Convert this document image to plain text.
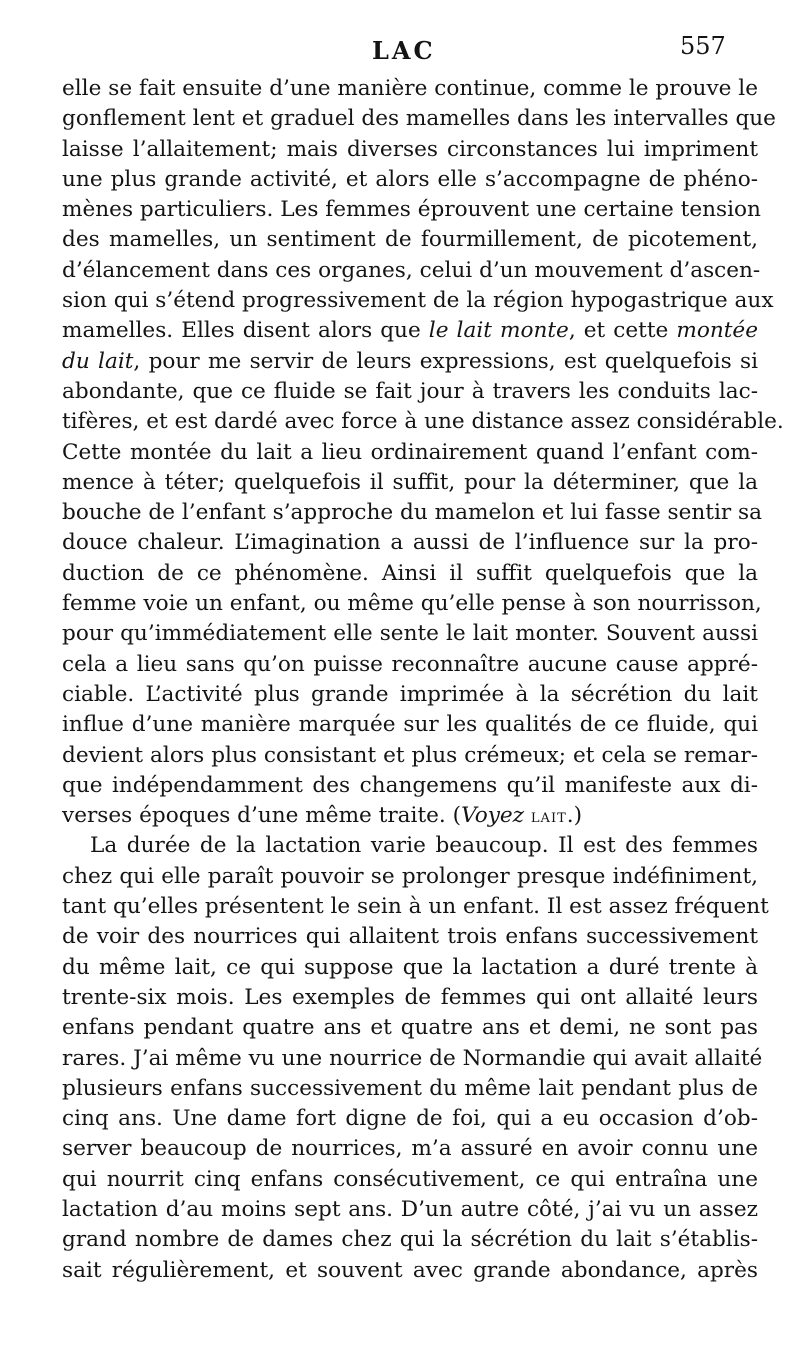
LAC	557
elle se fait ensuite d’une manière continue, comme le prouve le
gonflement lent et graduel des mamelles dans les intervalles que
laisse l’allaitement; mais diverses circonstances lui impriment
une plus grande activité, et alors elle s’accompagne de phéno-
mènes particuliers. Les femmes éprouvent une certaine tension
des mamelles, un sentiment de fourmillement, de picotement,
d’élancement dans ces organes, celui d’un mouvement d’ascen-
sion qui s’étend progressivement de la région hypogastrique aux
mamelles. Elles disent alors que le lait monte, et cette montée
du lait, pour me servir de leurs expressions, est quelquefois si
abondante, que ce fluide se fait jour à travers les conduits lac-
tifères, et est dardé avec force à une distance assez considérable.
Cette montée du lait a lieu ordinairement quand l’enfant com-
mence à téter; quelquefois il suffit, pour la déterminer, que la
bouche de l’enfant s’approche du mamelon et lui fasse sentir sa
douce chaleur. L’imagination a aussi de l’influence sur la pro-
duction de ce phénomène. Ainsi il suffit quelquefois que la
femme voie un enfant, ou même qu’elle pense à son nourrisson,
pour qu’immédiatement elle sente le lait monter. Souvent aussi
cela a lieu sans qu’on puisse reconnaître aucune cause appré-
ciable. L’activité plus grande imprimée à la sécrétion du lait
influe d’une manière marquée sur les qualités de ce fluide, qui
devient alors plus consistant et plus crémeux; et cela se remar-
que indépendamment des changemens qu’il manifeste aux di-
verses époques d’une même traite. (Voyez lait.)
La durée de la lactation varie beaucoup. Il est des femmes
chez qui elle paraît pouvoir se prolonger presque indéfiniment,
tant qu’elles présentent le sein à un enfant. Il est assez fréquent
de voir des nourrices qui allaitent trois enfans successivement
du même lait, ce qui suppose que la lactation a duré trente à
trente-six mois. Les exemples de femmes qui ont allaité leurs
enfans pendant quatre ans et quatre ans et demi, ne sont pas
rares. J’ai même vu une nourrice de Normandie qui avait allaité
plusieurs enfans successivement du même lait pendant plus de
cinq ans. Une dame fort digne de foi, qui a eu occasion d’ob-
server beaucoup de nourrices, m’a assuré en avoir connu une
qui nourrit cinq enfans consécutivement, ce qui entraîna une
lactation d’au moins sept ans. D’un autre côté, j’ai vu un assez
grand nombre de dames chez qui la sécrétion du lait s’établis-
sait régulièrement, et souvent avec grande abondance, après
